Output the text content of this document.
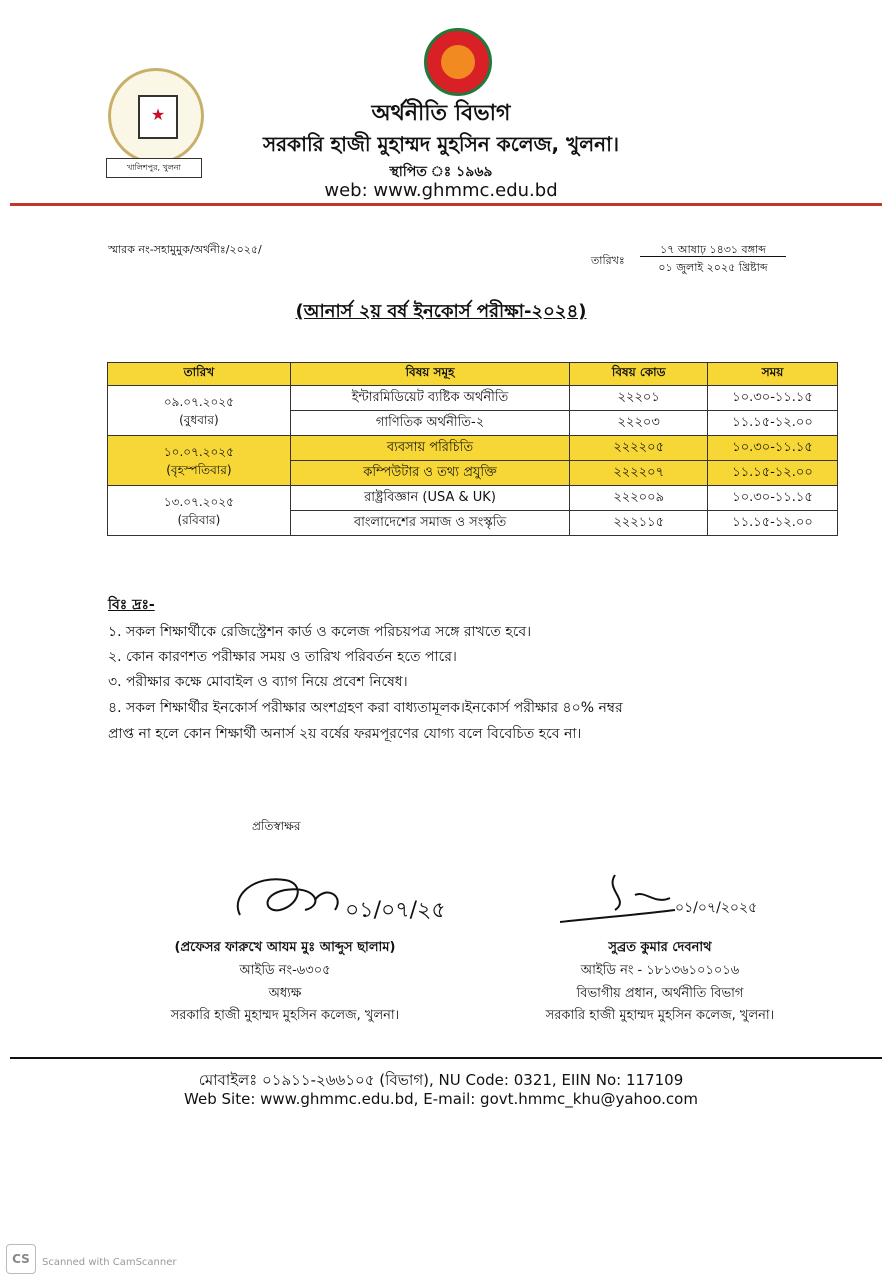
★
খালিশপুর, খুলনা
অর্থনীতি বিভাগ
সরকারি হাজী মুহাম্মদ মুহসিন কলেজ, খুলনা।
স্থাপিত ঃ ১৯৬৯
web: www.ghmmc.edu.bd
স্মারক নং-সহামুমুক/অর্থনীঃ/২০২৫/
তারিখঃ
১৭ আষাঢ় ১৪৩১ বঙ্গাব্দ
০১ জুলাই ২০২৫ খ্রিষ্টাব্দ
(আনার্স ২য় বর্ষ ইনকোর্স পরীক্ষা-২০২৪)
তারিখ	বিষয় সমূহ	বিষয় কোড	সময়

০৯.০৭.২০২৫
(বুধবার)	ইন্টারমিডিয়েট ব্যষ্টিক অর্থনীতি	২২২০১	১০.৩০-১১.১৫
	গাণিতিক অর্থনীতি-২	২২২০৩	১১.১৫-১২.০০

১০.০৭.২০২৫
(বৃহস্পতিবার)	ব্যবসায় পরিচিতি	২২২২০৫	১০.৩০-১১.১৫
	কম্পিউটার ও তথ্য প্রযুক্তি	২২২২০৭	১১.১৫-১২.০০

১৩.০৭.২০২৫
(রবিবার)	রাষ্ট্রবিজ্ঞান (USA & UK)	২২২০০৯	১০.৩০-১১.১৫
	বাংলাদেশের সমাজ ও সংস্কৃতি	২২২১১৫	১১.১৫-১২.০০
বিঃ দ্রঃ-
১. সকল শিক্ষার্থীকে রেজিস্ট্রেশন কার্ড ও কলেজ পরিচয়পত্র সঙ্গে রাখতে হবে।
২. কোন কারণশত পরীক্ষার সময় ও তারিখ পরিবর্তন হতে পারে।
৩. পরীক্ষার কক্ষে মোবাইল ও ব্যাগ নিয়ে প্রবেশ নিষেধ।
৪. সকল শিক্ষার্থীর ইনকোর্স পরীক্ষার অংশগ্রহণ করা বাধ্যতামূলক।ইনকোর্স পরীক্ষার ৪০% নম্বর
প্রাপ্ত না হলে কোন শিক্ষার্থী অনার্স ২য় বর্ষের ফরমপূরণের যোগ্য বলে বিবেচিত হবে না।
প্রতিস্বাক্ষর
০১/০৭/২৫	০১/০৭/২০২৫
(প্রফেসর ফারুখে আযম মুঃ আব্দুস ছালাম)
আইডি নং-৬৩০৫
অধ্যক্ষ
সরকারি হাজী মুহাম্মদ মুহসিন কলেজ, খুলনা।
সুব্রত কুমার দেবনাথ
আইডি নং - ১৮১৩৬১০১০১৬
বিভাগীয় প্রধান, অর্থনীতি বিভাগ
সরকারি হাজী মুহাম্মদ মুহসিন কলেজ, খুলনা।
মোবাইলঃ ০১৯১১-২৬৬১০৫ (বিভাগ), NU Code: 0321, EIIN No: 117109
Web Site: www.ghmmc.edu.bd, E-mail: govt.hmmc_khu@yahoo.com
CS	Scanned with CamScanner
